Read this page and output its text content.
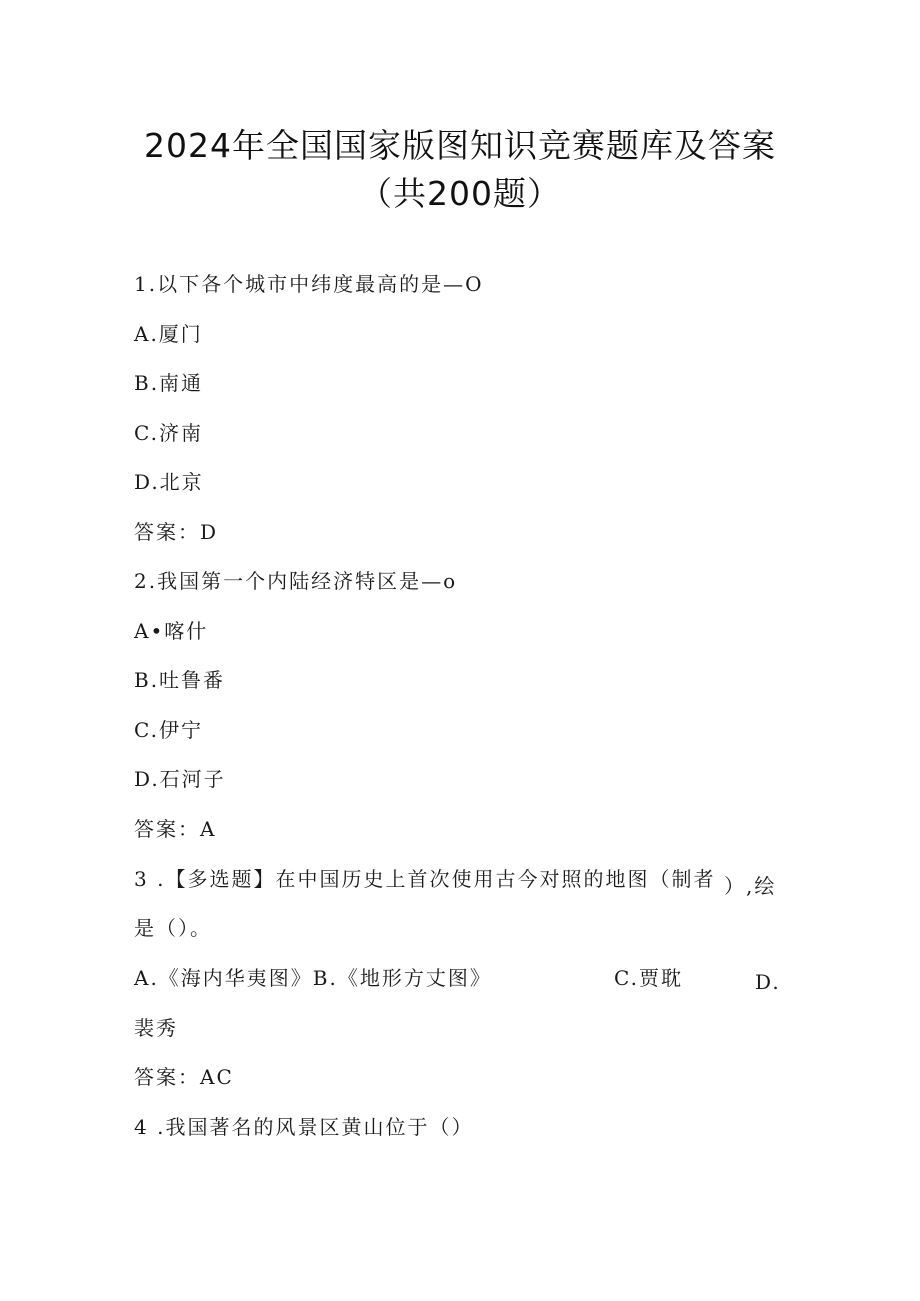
2024年全国国家版图知识竞赛题库及答案
（共200题）
1.以下各个城市中纬度最高的是—O
A.厦门
B.南通
C.济南
D.北京
答案：D
2.我国第一个内陆经济特区是—o
A•喀什
B.吐鲁番
C.伊宁
D.石河子
答案：A
3 .【多选题】在中国历史上首次使用古今对照的地图（制者 ）,绘
是（）。
A.《海内华夷图》B.《地形方丈图》	C.贾耽	D.
裴秀
答案：AC
4 .我国著名的风景区黄山位于（）
